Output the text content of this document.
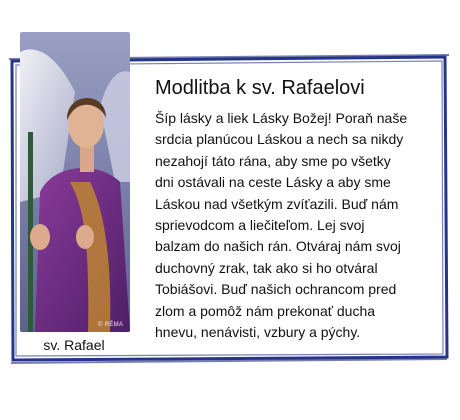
© RÉMA
sv. Rafael
Modlitba k sv. Rafaelovi
Šíp lásky a liek Lásky Božej! Poraň naše
srdcia planúcou Láskou a nech sa nikdy
nezahojí táto rána, aby sme po všetky
dni ostávali na ceste Lásky a aby sme
Láskou nad všetkým zvíťazili. Buď nám
sprievodcom a liečiteľom. Lej svoj
balzam do našich rán. Otváraj nám svoj
duchovný zrak, tak ako si ho otváral
Tobiášovi. Buď našich ochrancom pred
zlom a pomôž nám prekonať ducha
hnevu, nenávisti, vzbury a pýchy.
